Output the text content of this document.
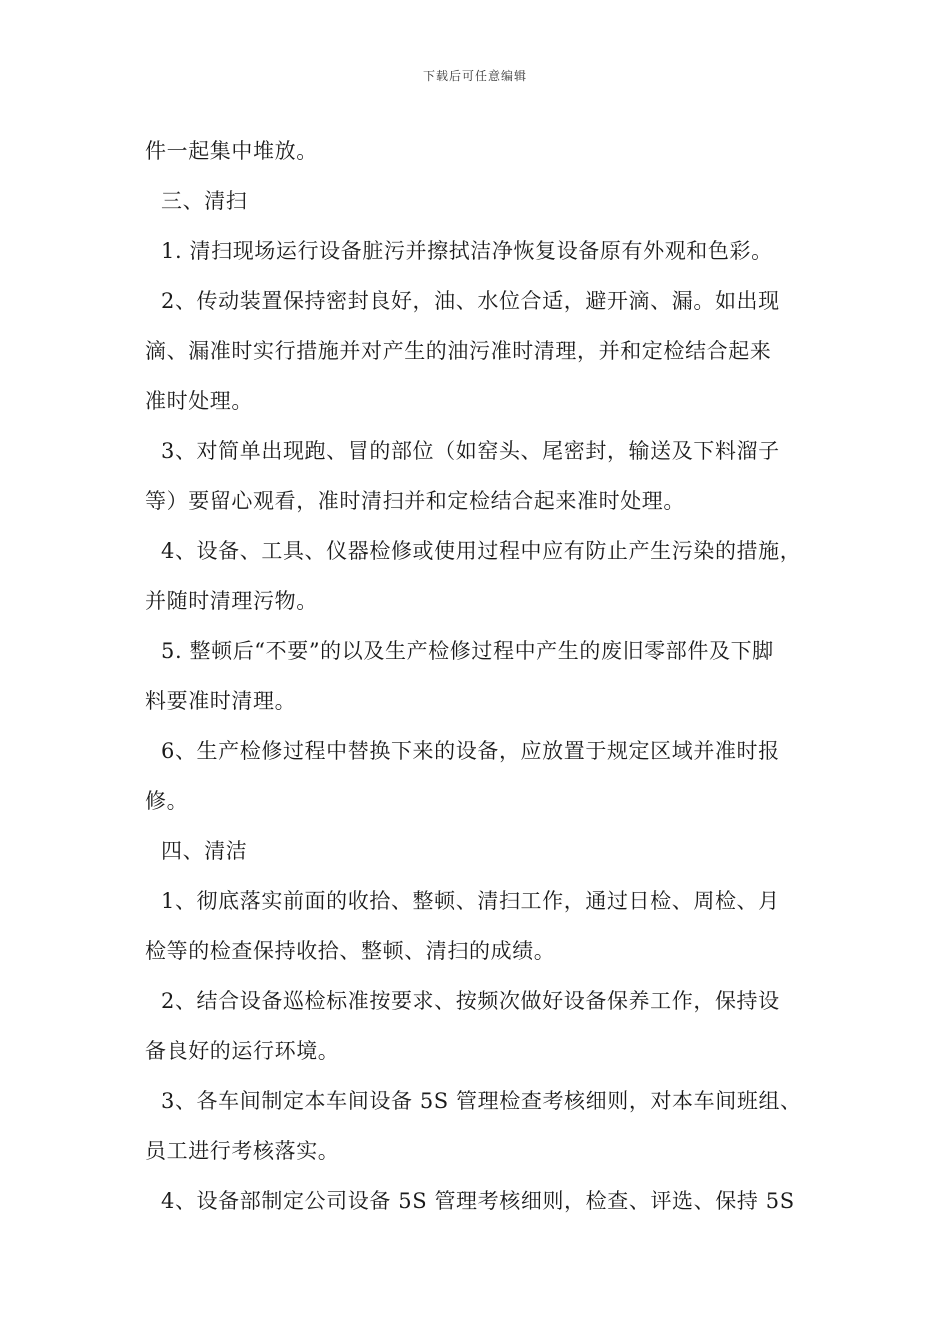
下载后可任意编辑
件一起集中堆放。
三、清扫
1. 清扫现场运行设备脏污并擦拭洁净恢复设备原有外观和色彩。
2、传动装置保持密封良好，油、水位合适，避开滴、漏。如出现
滴、漏准时实行措施并对产生的油污准时清理，并和定检结合起来
准时处理。
3、对简单出现跑、冒的部位（如窑头、尾密封，输送及下料溜子
等）要留心观看，准时清扫并和定检结合起来准时处理。
4、设备、工具、仪器检修或使用过程中应有防止产生污染的措施，
并随时清理污物。
5. 整顿后“不要”的以及生产检修过程中产生的废旧零部件及下脚
料要准时清理。
6、生产检修过程中替换下来的设备，应放置于规定区域并准时报
修。
四、清洁
1、彻底落实前面的收拾、整顿、清扫工作，通过日检、周检、月
检等的检查保持收拾、整顿、清扫的成绩。
2、结合设备巡检标准按要求、按频次做好设备保养工作，保持设
备良好的运行环境。
3、各车间制定本车间设备 5S 管理检查考核细则，对本车间班组、
员工进行考核落实。
4、设备部制定公司设备 5S 管理考核细则，检查、评选、保持 5S
